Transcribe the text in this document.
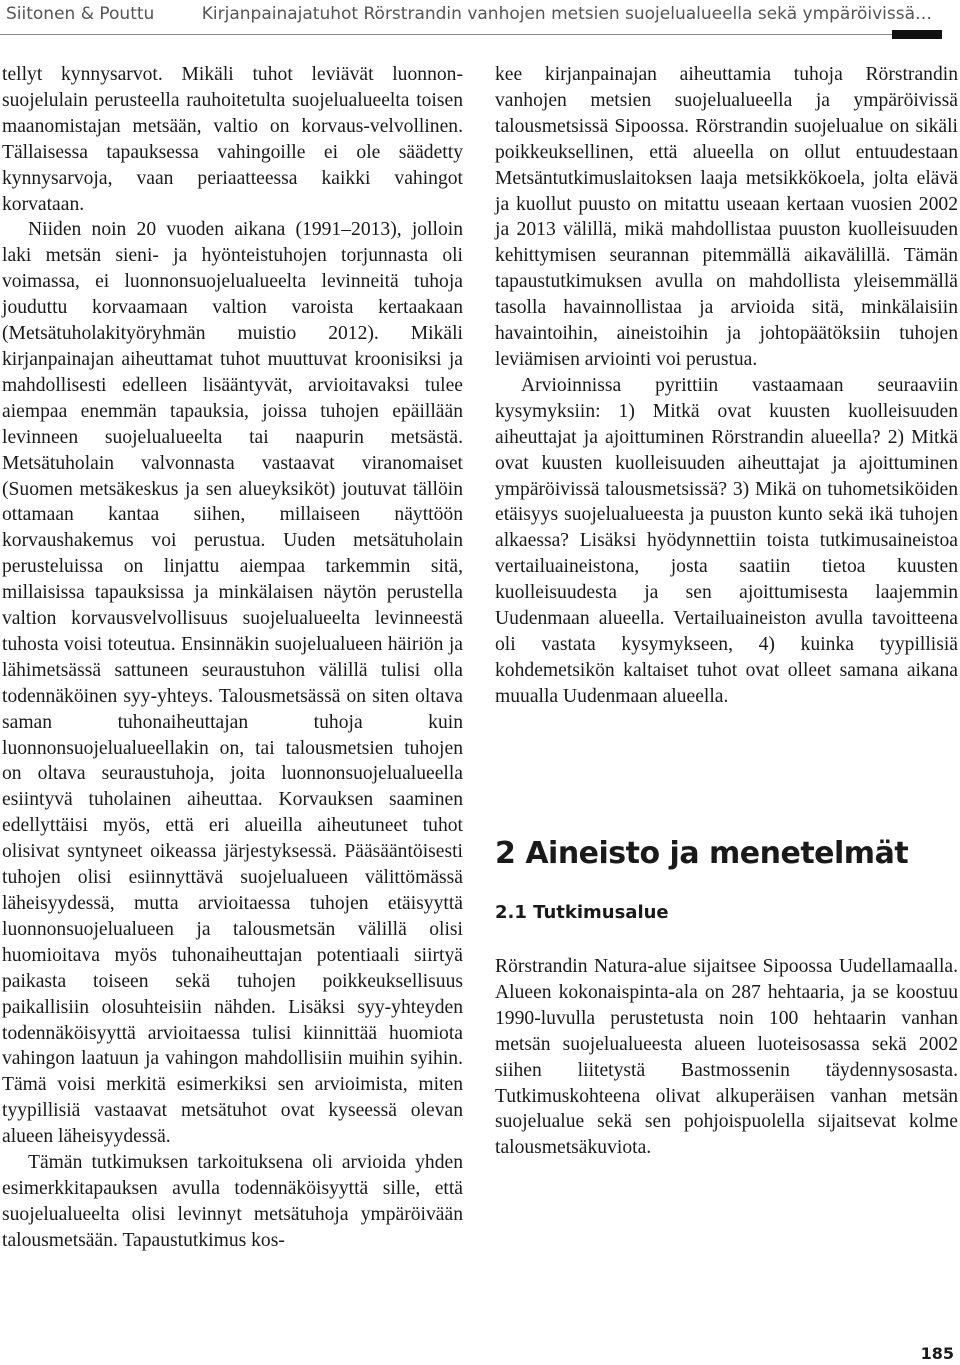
Siitonen & Pouttu	Kirjanpainajatuhot Rörstrandin vanhojen metsien suojelualueella sekä ympäröivissä…

tellyt kynnysarvot. Mikäli tuhot leviävät luonnon-suojelulain perusteella rauhoitetulta suojelualueelta toisen maanomistajan metsään, valtio on korvaus-velvollinen. Tällaisessa tapauksessa vahingoille ei ole säädetty kynnysarvoja, vaan periaatteessa kaikki vahingot korvataan.

Niiden noin 20 vuoden aikana (1991–2013), jolloin laki metsän sieni- ja hyönteistuhojen torjunnasta oli voimassa, ei luonnonsuojelualueelta levinneitä tuhoja jouduttu korvaamaan valtion varoista kertaakaan (Metsätuholakityöryhmän muistio 2012). Mikäli kirjanpainajan aiheuttamat tuhot muuttuvat kroonisiksi ja mahdollisesti edelleen lisääntyvät, arvioitavaksi tulee aiempaa enemmän tapauksia, joissa tuhojen epäillään levinneen suojelualueelta tai naapurin metsästä. Metsätuholain valvonnasta vastaavat viranomaiset (Suomen metsäkeskus ja sen alueyksiköt) joutuvat tällöin ottamaan kantaa siihen, millaiseen näyttöön korvaushakemus voi perustua. Uuden metsätuholain perusteluissa on linjattu aiempaa tarkemmin sitä, millaisissa tapauksissa ja minkälaisen näytön perustella valtion korvausvelvollisuus suojelualueelta levinneestä tuhosta voisi toteutua. Ensinnäkin suojelualueen häiriön ja lähimetsässä sattuneen seuraustuhon välillä tulisi olla todennäköinen syy-yhteys. Talousmetsässä on siten oltava saman tuhonaiheuttajan tuhoja kuin luonnonsuojelualueellakin on, tai talousmetsien tuhojen on oltava seuraustuhoja, joita luonnonsuojelualueella esiintyvä tuholainen aiheuttaa. Korvauksen saaminen edellyttäisi myös, että eri alueilla aiheutuneet tuhot olisivat syntyneet oikeassa järjestyksessä. Pääsääntöisesti tuhojen olisi esiinnyttävä suojelualueen välittömässä läheisyydessä, mutta arvioitaessa tuhojen etäisyyttä luonnonsuojelualueen ja talousmetsän välillä olisi huomioitava myös tuhonaiheuttajan potentiaali siirtyä paikasta toiseen sekä tuhojen poikkeuksellisuus paikallisiin olosuhteisiin nähden. Lisäksi syy-yhteyden todennäköisyyttä arvioitaessa tulisi kiinnittää huomiota vahingon laatuun ja vahingon mahdollisiin muihin syihin. Tämä voisi merkitä esimerkiksi sen arvioimista, miten tyypillisiä vastaavat metsätuhot ovat kyseessä olevan alueen läheisyydessä.

Tämän tutkimuksen tarkoituksena oli arvioida yhden esimerkkitapauksen avulla todennäköisyyttä sille, että suojelualueelta olisi levinnyt metsätuhoja ympäröivään talousmetsään. Tapaustutkimus kos-

kee kirjanpainajan aiheuttamia tuhoja Rörstrandin vanhojen metsien suojelualueella ja ympäröivissä talousmetsissä Sipoossa. Rörstrandin suojelualue on sikäli poikkeuksellinen, että alueella on ollut entuudestaan Metsäntutkimuslaitoksen laaja metsikkökoela, jolta elävä ja kuollut puusto on mitattu useaan kertaan vuosien 2002 ja 2013 välillä, mikä mahdollistaa puuston kuolleisuuden kehittymisen seurannan pitemmällä aikavälillä. Tämän tapaustutkimuksen avulla on mahdollista yleisemmällä tasolla havainnollistaa ja arvioida sitä, minkälaisiin havaintoihin, aineistoihin ja johtopäätöksiin tuhojen leviämisen arviointi voi perustua.

Arvioinnissa pyrittiin vastaamaan seuraaviin kysymyksiin: 1) Mitkä ovat kuusten kuolleisuuden aiheuttajat ja ajoittuminen Rörstrandin alueella? 2) Mitkä ovat kuusten kuolleisuuden aiheuttajat ja ajoittuminen ympäröivissä talousmetsissä? 3) Mikä on tuhometsiköiden etäisyys suojelualueesta ja puuston kunto sekä ikä tuhojen alkaessa? Lisäksi hyödynnettiin toista tutkimusaineistoa vertailuaineistona, josta saatiin tietoa kuusten kuolleisuudesta ja sen ajoittumisesta laajemmin Uudenmaan alueella. Vertailuaineiston avulla tavoitteena oli vastata kysymykseen, 4) kuinka tyypillisiä kohdemetsikön kaltaiset tuhot ovat olleet samana aikana muualla Uudenmaan alueella.

2 Aineisto ja menetelmät
2.1 Tutkimusalue

Rörstrandin Natura-alue sijaitsee Sipoossa Uudellamaalla. Alueen kokonaispinta-ala on 287 hehtaaria, ja se koostuu 1990-luvulla perustetusta noin 100 hehtaarin vanhan metsän suojelualueesta alueen luoteisosassa sekä 2002 siihen liitetystä Bastmossenin täydennysosasta. Tutkimuskohteena olivat alkuperäisen vanhan metsän suojelualue sekä sen pohjoispuolella sijaitsevat kolme talousmetsäkuviota.

185
